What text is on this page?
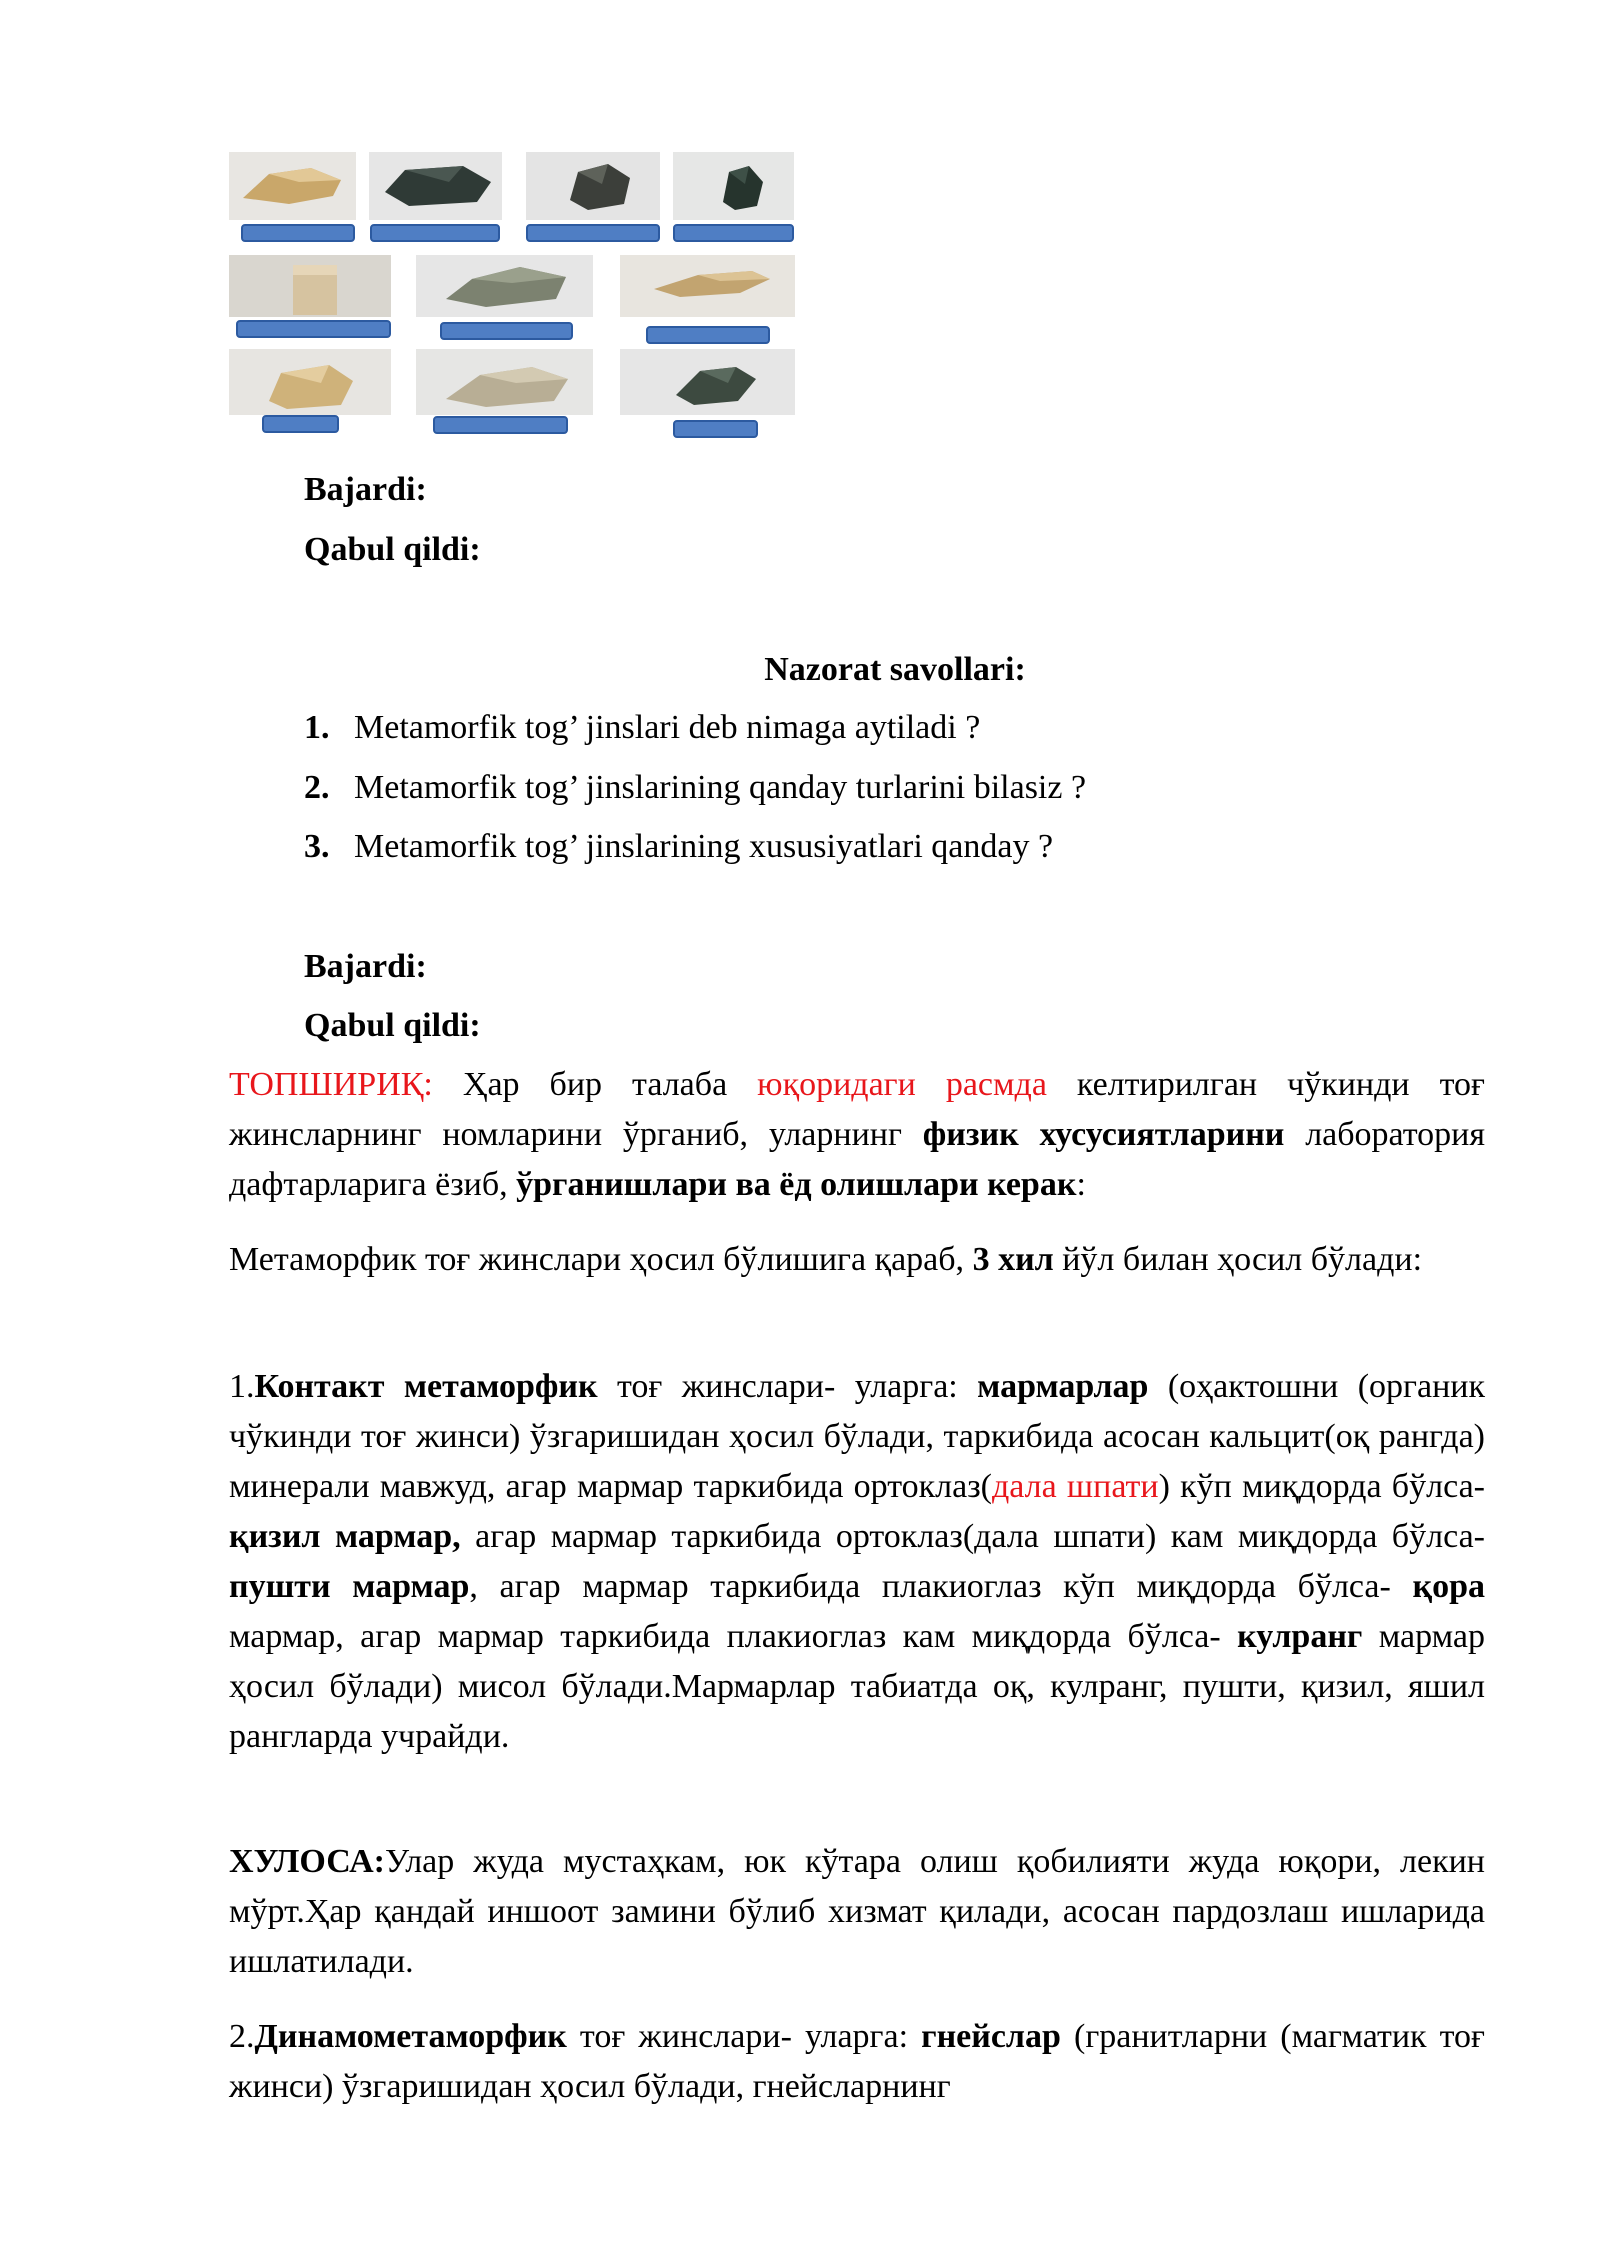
Bajardi:
Qabul qildi:
Nazorat savollari:
1. Metamorfik tog’ jinslari deb nimaga aytiladi ?
2. Metamorfik tog’ jinslarining qanday turlarini bilasiz ?
3. Metamorfik tog’ jinslarining xususiyatlari qanday ?
Bajardi:
Qabul qildi:
ТОПШИРИҚ: Ҳар бир талаба юқоридаги расмда келтирилган чўкинди тоғ жинсларнинг номларини ўрганиб, уларнинг физик хусусиятларини лаборатория дафтарларига ёзиб, ўрганишлари ва ёд олишлари керак:
Метаморфик тоғ жинслари ҳосил бўлишига қараб, 3 хил йўл билан ҳосил бўлади:
1.Контакт метаморфик тоғ жинслари- уларга: мармарлар (оҳактошни (органик чўкинди тоғ жинси) ўзгаришидан ҳосил бўлади, таркибида асосан кальцит(оқ рангда) минерали мавжуд, агар мармар таркибида ортоклаз(дала шпати) кўп миқдорда бўлса- қизил мармар, агар мармар таркибида ортоклаз(дала шпати) кам миқдорда бўлса- пушти мармар, агар мармар таркибида плакиоглаз кўп миқдорда бўлса- қора мармар, агар мармар таркибида плакиоглаз кам миқдорда бўлса- кулранг мармар ҳосил бўлади) мисол бўлади.Мармарлар табиатда оқ, кулранг, пушти, қизил, яшил рангларда учрайди.
ХУЛОСА:Улар жуда мустаҳкам, юк кўтара олиш қобилияти жуда юқори, лекин мўрт.Ҳар қандай иншоот замини бўлиб хизмат қилади, асосан пардозлаш ишларида ишлатилади.
2.Динамометаморфик тоғ жинслари- уларга: гнейслар (гранитларни (магматик тоғ жинси) ўзгаришидан ҳосил бўлади, гнейсларнинг
